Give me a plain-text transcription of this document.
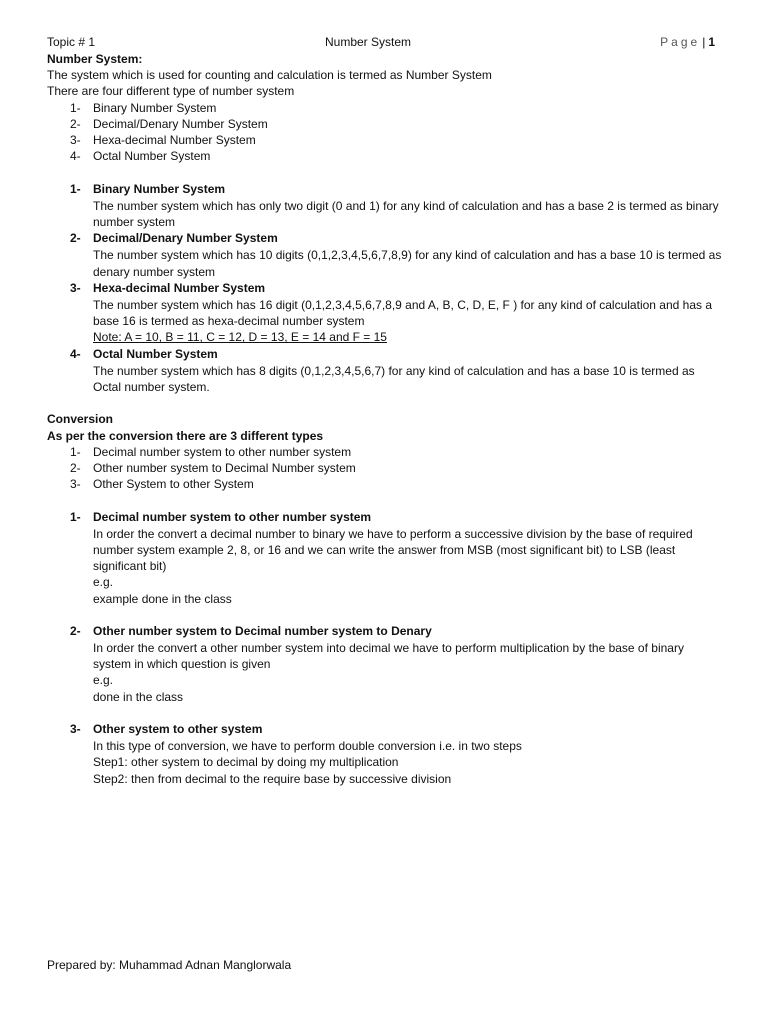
Topic # 1	Number System	Page | 1
Number System:
The system which is used for counting and calculation is termed as Number System
There are four different type of number system
1- Binary Number System
2- Decimal/Denary Number System
3- Hexa-decimal Number System
4- Octal Number System
1- Binary Number System

The number system which has only two digit (0 and 1) for any kind of calculation and has a base 2 is termed as binary number system

2- Decimal/Denary Number System

The number system which has 10 digits (0,1,2,3,4,5,6,7,8,9) for any kind of calculation and has a base 10 is termed as denary number system

3- Hexa-decimal Number System

The number system which has 16 digit (0,1,2,3,4,5,6,7,8,9 and A, B, C, D, E, F ) for any kind of calculation and has a base 16 is termed as hexa-decimal number system

Note: A = 10, B = 11, C = 12, D = 13, E = 14 and F = 15

4- Octal Number System

The number system which has 8 digits (0,1,2,3,4,5,6,7) for any kind of calculation and has a base 10 is termed as Octal number system.

Conversion
As per the conversion there are 3 different types
1- Decimal number system to other number system
2- Other number system to Decimal Number system
3- Other System to other System
1- Decimal number system to other number system

In order the convert a decimal number to binary we have to perform a successive division by the base of required number system example 2, 8, or 16 and we can write the answer from MSB (most significant bit) to LSB (least significant bit)

e.g.

example done in the class

2- Other number system to Decimal number system to Denary

In order the convert a other number system into decimal we have to perform multiplication by the base of binary system in which question is given

e.g.

done in the class

3- Other system to other system

In this type of conversion, we have to perform double conversion i.e. in two steps

Step1: other system to decimal by doing my multiplication

Step2: then from decimal to the require base by successive division

Prepared by: Muhammad Adnan Manglorwala
